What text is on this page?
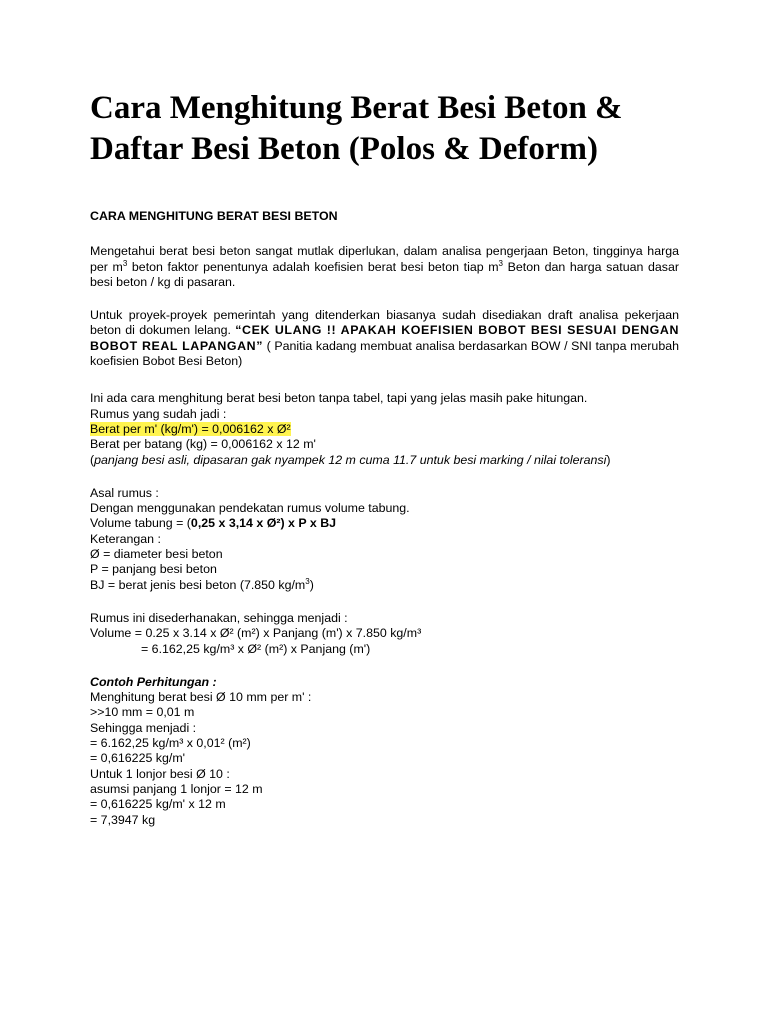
Cara Menghitung Berat Besi Beton & Daftar Besi Beton (Polos & Deform)

CARA MENGHITUNG BERAT BESI BETON

Mengetahui berat besi beton sangat mutlak diperlukan, dalam analisa pengerjaan Beton, tingginya harga per $m^3$ beton faktor penentunya adalah koefisien berat besi beton tiap $m^3$ Beton dan harga satuan dasar besi beton / kg di pasaran.

Untuk proyek-proyek pemerintah yang ditenderkan biasanya sudah disediakan draft analisa pekerjaan beton di dokumen lelang. “CEK ULANG !! APAKAH KOEFISIEN BOBOT BESI SESUAI DENGAN BOBOT REAL LAPANGAN” ( Panitia kadang membuat analisa berdasarkan BOW / SNI tanpa merubah koefisien Bobot Besi Beton)

Ini ada cara menghitung berat besi beton tanpa tabel, tapi yang jelas masih pake hitungan.
Rumus yang sudah jadi :
Berat per m' (kg/m') = 0,006162 x Ø²
Berat per batang (kg) = 0,006162 x 12 m'
(panjang besi asli, dipasaran gak nyampek 12 m cuma 11.7 untuk besi marking / nilai toleransi)
Asal rumus :
Dengan menggunakan pendekatan rumus volume tabung.
Volume tabung = (0,25 x 3,14 x Ø²) x P x BJ
Keterangan :
Ø = diameter besi beton
P = panjang besi beton
BJ = berat jenis besi beton (7.850 $kg/m^3$)
Rumus ini disederhanakan, sehingga menjadi :
Volume = 0.25 x 3.14 x Ø² (m²) x Panjang (m') x 7.850 kg/m³
= 6.162,25 kg/m³ x Ø² (m²) x Panjang (m')
Contoh Perhitungan :
Menghitung berat besi Ø 10 mm per m' :
>>10 mm = 0,01 m
Sehingga menjadi :
= 6.162,25 kg/m³ x 0,01² (m²)
= 0,616225 kg/m'
Untuk 1 lonjor besi Ø 10 :
asumsi panjang 1 lonjor = 12 m
= 0,616225 kg/m' x 12 m
= 7,3947 kg
